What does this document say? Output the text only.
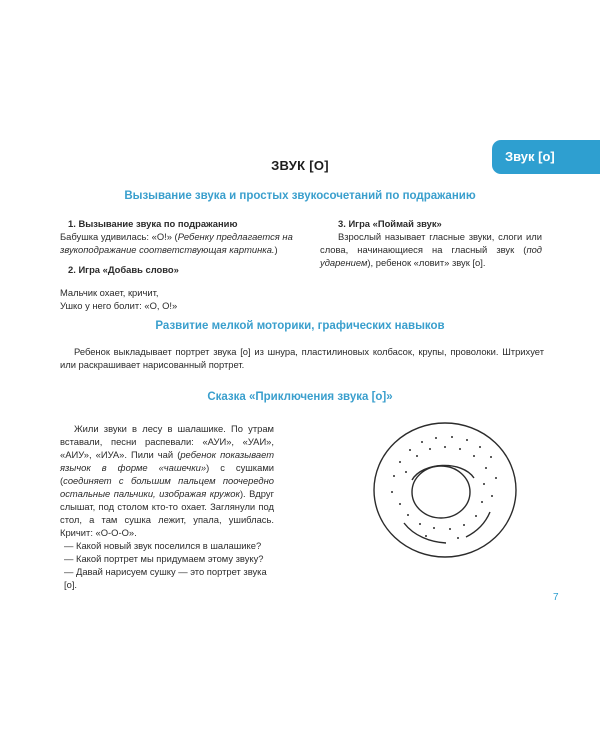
Звук [о]
ЗВУК [О]
Вызывание звука и простых звукосочетаний по подражанию

1. Вызывание звука по подражанию

Бабушка удивилась: «О!» (Ребенку предлагается на звукоподражание соответствующая картинка.)

2. Игра «Добавь слово»

Мальчик охает, кричит,

Ушко у него болит: «О, О!»

3. Игра «Поймай звук»

Взрослый называет гласные звуки, слоги или слова, начинающиеся на гласный звук (под ударением), ребенок «ловит» звук [о].

Развитие мелкой моторики, графических навыков
Ребенок выкладывает портрет звука [о] из шнура, пластилиновых колбасок, крупы, проволоки. Штрихует или раскрашивает нарисованный портрет.
Сказка «Приключения звука [о]»

Жили звуки в лесу в шалашике. По утрам вставали, песни распевали: «АУИ», «УАИ», «АИУ», «ИУА». Пили чай (ребенок показывает язычок в форме «чашечки») с сушками (соединяет с большим пальцем поочередно остальные пальчики, изображая кружок). Вдруг слышат, под столом кто-то охает. Заглянули под стол, а там сушка лежит, упала, ушиблась. Кричит: «О-О-О».

— Какой новый звук поселился в шалашике?

— Какой портрет мы придумаем этому звуку?

— Давай нарисуем сушку — это портрет звука [о].

7
